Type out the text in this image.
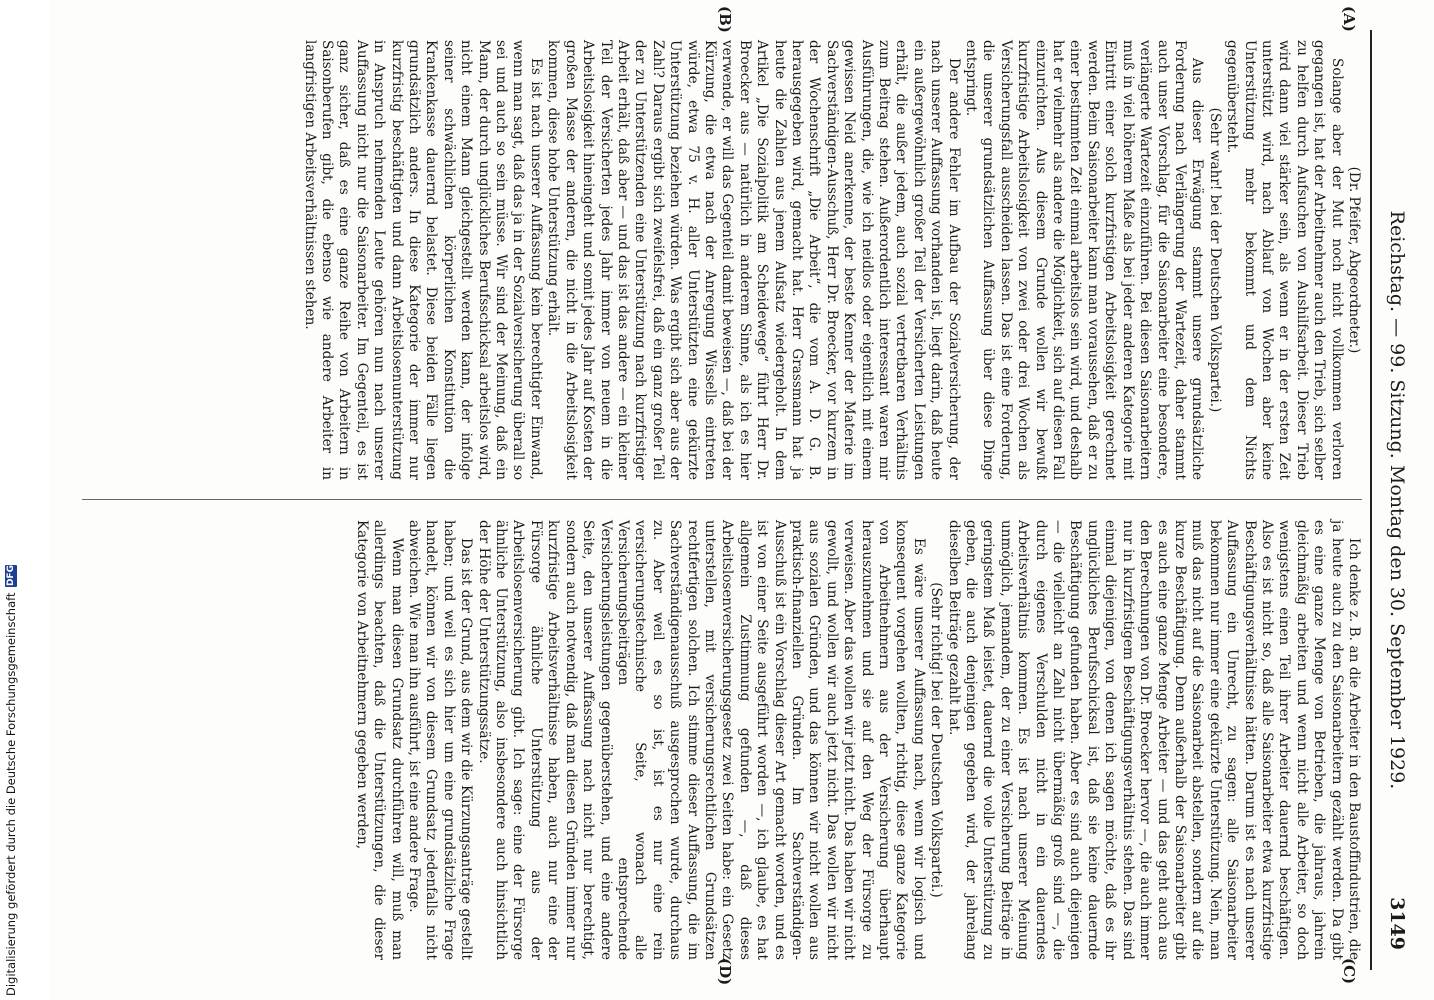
Digitalisierung gefördert durch die Deutsche Forschungsgemeinschaft
DFG	Reichstag. — 99. Sitzung. Montag den 30. September 1929.
3149
(A)
(B)
(C)
(D)

(Dr. Pfeifer, Abgeordneter.)

Solange aber der Mut noch nicht vollkommen verloren gegangen ist, hat der Arbeitnehmer auch den Trieb, sich selber zu helfen durch Aufsuchen von Aushilfsarbeit. Dieser Trieb wird dann viel stärker sein, als wenn er in der ersten Zeit unterstützt wird, nach Ablauf von Wochen aber keine Unterstützung mehr bekommt und dem Nichts gegenübersteht.

(Sehr wahr! bei der Deutschen Volkspartei.)

Aus dieser Erwägung stammt unsere grundsätzliche Forderung nach Verlängerung der Wartezeit, daher stammt auch unser Vorschlag, für die Saisonarbeiter eine besondere, verlängerte Wartezeit einzuführen. Bei diesen Saisonarbeitern muß in viel höherem Maße als bei jeder anderen Kategorie mit Eintritt einer solch kurzfristigen Arbeitslosigkeit gerechnet werden. Beim Saisonarbeiter kann man voraussehen, daß er zu einer bestimmten Zeit einmal arbeitslos sein wird, und deshalb hat er vielmehr als andere die Möglichkeit, sich auf diesen Fall einzurichten. Aus diesem Grunde wollen wir bewußt kurzfristige Arbeitslosigkeit von zwei oder drei Wochen als Versicherungsfall ausscheiden lassen. Das ist eine Forderung, die unserer grundsätzlichen Auffassung über diese Dinge entspringt.

Der andere Fehler im Aufbau der Sozialversicherung, der nach unserer Auffassung vorhanden ist, liegt darin, daß heute ein außergewöhnlich großer Teil der Versicherten Leistungen erhält, die außer jedem, auch sozial vertretbaren Verhältnis zum Beitrag stehen. Außerordentlich interessant waren mir Ausführungen, die, wie ich neidlos oder eigentlich mit einem gewissen Neid anerkenne, der beste Kenner der Materie im Sachverständigen-Ausschuß, Herr Dr. Broecker, vor kurzem in der Wochenschrift „Die Arbeit“, die vom A. D. G. B. herausgegeben wird, gemacht hat. Herr Grassmann hat ja heute die Zahlen aus jenem Aufsatz wiedergeholt. In dem Artikel „Die Sozialpolitik am Scheidewege“ führt Herr Dr. Broecker aus — natürlich in anderem Sinne, als ich es hier verwende, er will das Gegenteil damit beweisen —, daß bei der Kürzung, die etwa nach der Anregung Wissells eintreten würde, etwa 75 v. H. aller Unterstützten eine gekürzte Unterstützung beziehen würden. Was ergibt sich aber aus der Zahl? Daraus ergibt sich zweifelsfrei, daß ein ganz großer Teil der zu Unterstützenden eine Unterstützung nach kurzfristiger Arbeit erhält, daß aber — und das ist das andere — ein kleiner Teil der Versicherten jedes Jahr immer von neuem in die Arbeitslosigkeit hineingeht und somit jedes Jahr auf Kosten der großen Masse der anderen, die nicht in die Arbeitslosigkeit kommen, diese hohe Unterstützung erhält.

Es ist nach unserer Auffassung kein berechtigter Einwand, wenn man sagt, daß das ja in der Sozialversicherung überall so sei und auch so sein müsse. Wir sind der Meinung, daß ein Mann, der durch unglückliches Berufsschicksal arbeitslos wird, nicht einem Mann gleichgestellt werden kann, der infolge seiner schwächlichen körperlichen Konstitution die Krankenkasse dauernd belastet. Diese beiden Fälle liegen grundsätzlich anders. In diese Kategorie der immer nur kurzfristig beschäftigten und dann Arbeitslosenunterstützung in Anspruch nehmenden Leute gehören nun nach unserer Auffassung nicht nur die Saisonarbeiter. Im Gegenteil, es ist ganz sicher, daß es eine ganze Reihe von Arbeitern in Saisonberufen gibt, die ebenso wie andere Arbeiter in langfristigen Arbeitsverhältnissen stehen.

Ich denke z. B. an die Arbeiter in den Baustoffindustrien, die ja heute auch zu den Saisonarbeitern gezählt werden. Da gibt es eine ganze Menge von Betrieben, die jahraus, jahrein gleichmäßig arbeiten und wenn nicht alle Arbeiter, so doch wenigstens einen Teil ihrer Arbeiter dauernd beschäftigen. Also es ist nicht so, daß alle Saisonarbeiter etwa kurzfristige Beschäftigungsverhältnisse hätten. Darum ist es nach unserer Auffassung ein Unrecht, zu sagen: alle Saisonarbeiter bekommen nur immer eine gekürzte Unterstützung. Nein, man muß das nicht auf die Saisonarbeit abstellen, sondern auf die kurze Beschäftigung. Denn außerhalb der Saisonarbeiter gibt es auch eine ganze Menge Arbeiter — und das geht auch aus den Berechnungen von Dr. Broecker hervor —, die auch immer nur in kurzfristigem Beschäftigungsverhältnis stehen. Das sind einmal diejenigen, von denen ich sagen möchte, daß es ihr unglückliches Berufsschicksal ist, daß sie keine dauernde Beschäftigung gefunden haben. Aber es sind auch diejenigen — die vielleicht an Zahl nicht übermäßig groß sind —, die durch eigenes Verschulden nicht in ein dauerndes Arbeitsverhältnis kommen. Es ist nach unserer Meinung unmöglich, jemandem, der zu einer Versicherung Beiträge in geringstem Maß leistet, dauernd die volle Unterstützung zu geben, die auch denjenigen gegeben wird, der jahrelang dieselben Beiträge gezahlt hat.

(Sehr richtig! bei der Deutschen Volkspartei.)

Es wäre unserer Auffassung nach, wenn wir logisch und konsequent vorgehen wollten, richtig, diese ganze Kategorie von Arbeitnehmern aus der Versicherung überhaupt herauszunehmen und sie auf den Weg der Fürsorge zu verweisen. Aber das wollen wir jetzt nicht. Das haben wir nicht gewollt, und wollen wir auch jetzt nicht. Das wollen wir nicht aus sozialen Gründen, und das können wir nicht wollen aus praktisch-finanziellen Gründen. Im Sachverständigen-Ausschuß ist ein Vorschlag dieser Art gemacht worden, und es ist von einer Seite ausgeführt worden —, ich glaube, es hat allgemein Zustimmung gefunden —, daß dieses Arbeitslosenversicherungsgesetz zwei Seiten habe: ein Gesetz unterstellen, mit versicherungsrechtlichen Grundsätzen rechtfertigen solchen. Ich stimme dieser Auffassung, die im Sachverständigenausschuß ausgesprochen wurde, durchaus zu. Aber weil es so ist, ist es nur eine rein versicherungstechnische Seite, wonach alle Versicherungsbeiträgen entsprechende Versicherungsleistungen gegenüberstehen, und eine andere Seite, den unserer Auffassung nach nicht nur berechtigt, sondern auch notwendig, daß man diesen Gründen immer nur kurzfristige Arbeitsverhältnisse haben, auch nur eine der Fürsorge ähnliche Unterstützung aus der Arbeitslosenversicherung gibt. Ich sage: eine der Fürsorge ähnliche Unterstützung, also insbesondere auch hinsichtlich der Höhe der Unterstützungssätze.

Das ist der Grund, aus dem wir die Kürzungsanträge gestellt haben; und weil es sich hier um eine grundsätzliche Frage handelt, können wir von diesem Grundsatz jedenfalls nicht abweichen. Wie man ihn ausführt, ist eine andere Frage.

Wenn man diesen Grundsatz durchführen will, muß man allerdings beachten, daß die Unterstützungen, die dieser Kategorie von Arbeitnehmern gegeben werden,
